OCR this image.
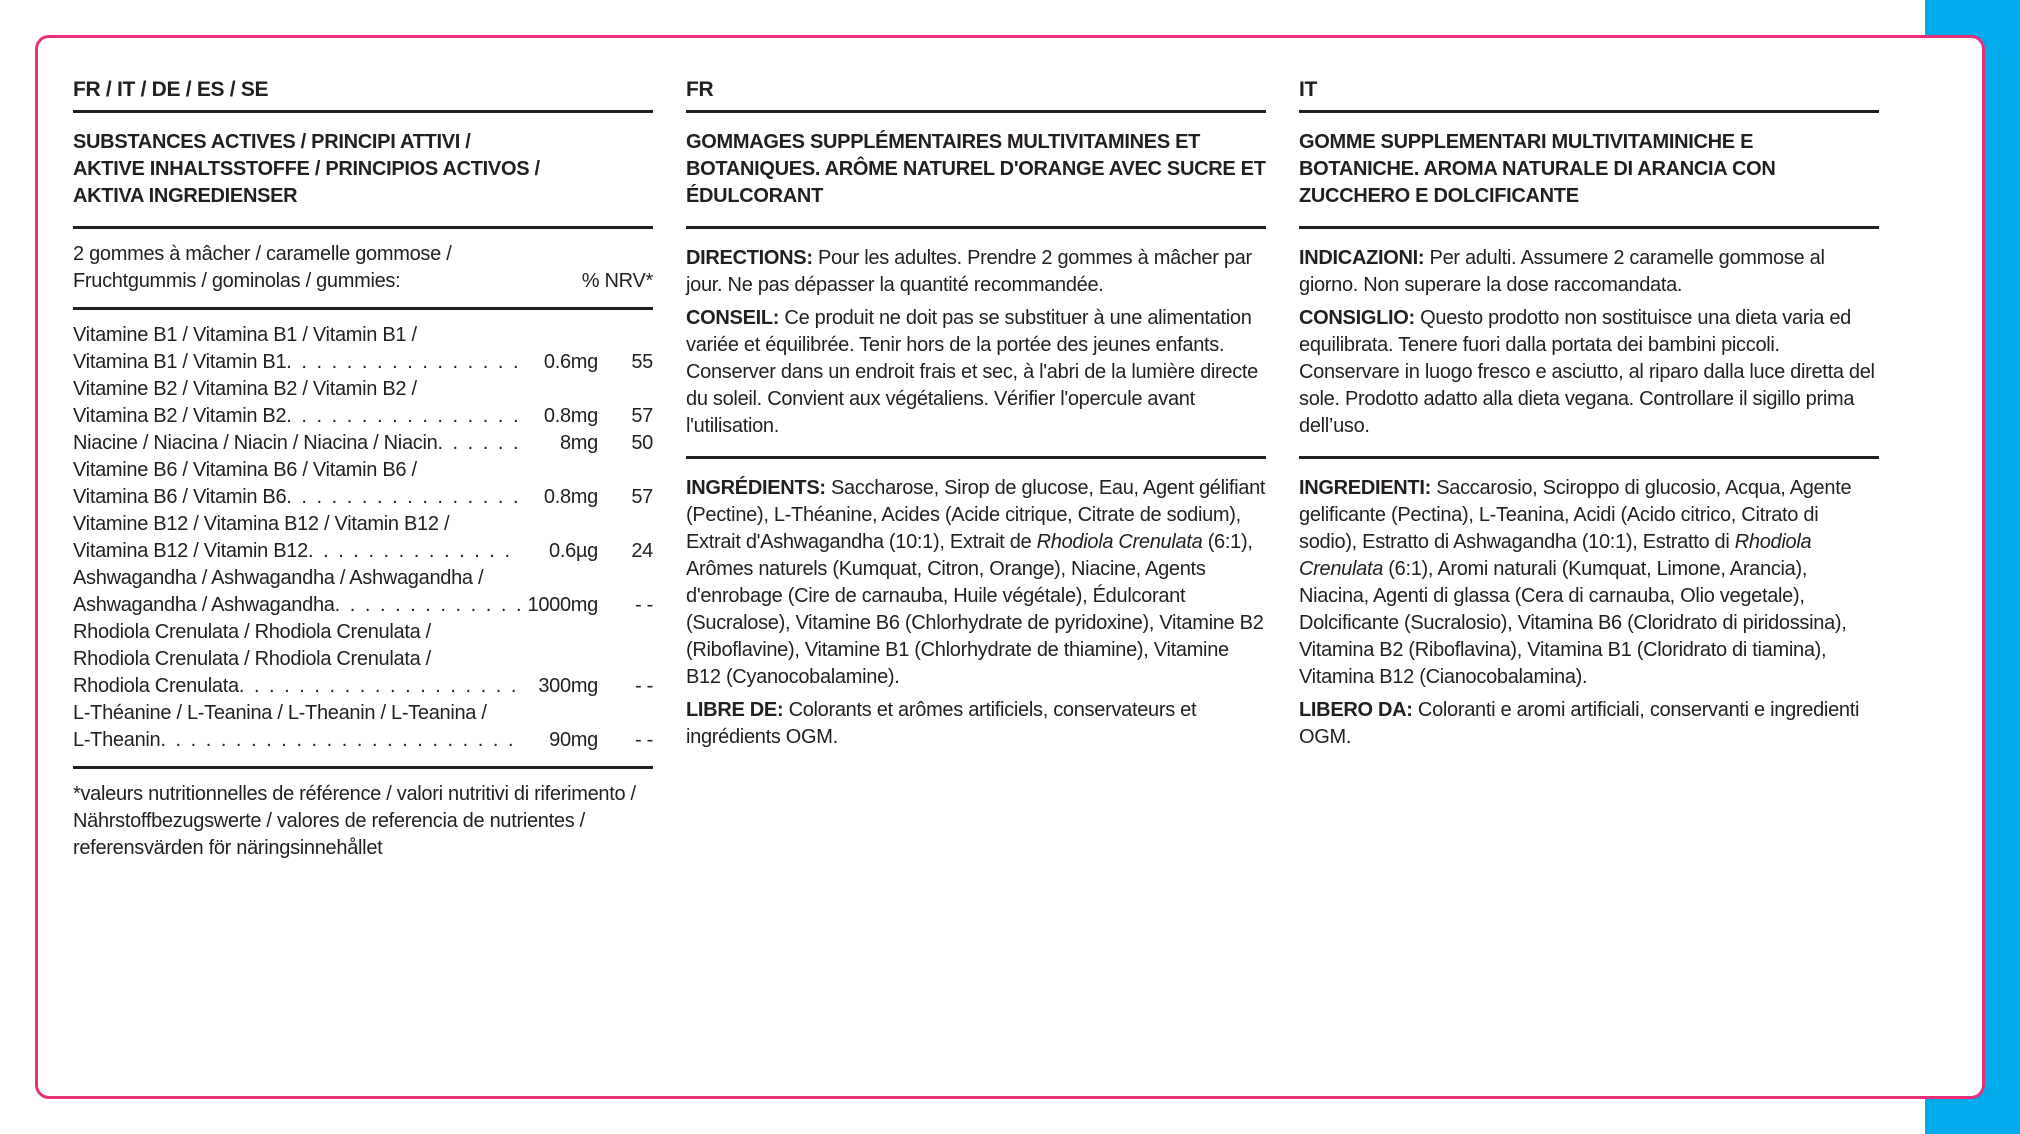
FR / IT / DE / ES / SE
SUBSTANCES ACTIVES / PRINCIPI ATTIVI /
AKTIVE INHALTSSTOFFE / PRINCIPIOS ACTIVOS /
AKTIVA INGREDIENSER
2 gommes à mâcher / caramelle gommose /
Fruchtgummis / gominolas / gummies:	% NRV*
Vitamine B1 / Vitamina B1 / Vitamin B1 /
Vitamina B1 / Vitamin B1 . . .	0.6mg	55
Vitamine B2 / Vitamina B2 / Vitamin B2 /
Vitamina B2 / Vitamin B2 . . .	0.8mg	57
Niacine / Niacina / Niacin / Niacina / Niacin . . .	8mg	50
Vitamine B6 / Vitamina B6 / Vitamin B6 /
Vitamina B6 / Vitamin B6 . . .	0.8mg	57
Vitamine B12 / Vitamina B12 / Vitamin B12 /
Vitamina B12 / Vitamin B12 . . .	0.6µg	24
Ashwagandha / Ashwagandha / Ashwagandha /
Ashwagandha / Ashwagandha . . .	1000mg	- -
Rhodiola Crenulata / Rhodiola Crenulata /
Rhodiola Crenulata / Rhodiola Crenulata /
Rhodiola Crenulata . . .	300mg	- -
L-Théanine / L-Teanina / L-Theanin / L-Teanina /
L-Theanin . . .	90mg	- -
*valeurs nutritionnelles de référence / valori nutritivi di riferimento / Nährstoffbezugswerte / valores de referencia de nutrientes / referensvärden för näringsinnehållet
FR
GOMMAGES SUPPLÉMENTAIRES MULTIVITAMINES ET
BOTANIQUES. ARÔME NATUREL D'ORANGE AVEC SUCRE ET
ÉDULCORANT
DIRECTIONS: Pour les adultes. Prendre 2 gommes à mâcher par jour. Ne pas dépasser la quantité recommandée.
CONSEIL: Ce produit ne doit pas se substituer à une alimentation variée et équilibrée. Tenir hors de la portée des jeunes enfants. Conserver dans un endroit frais et sec, à l'abri de la lumière directe du soleil. Convient aux végétaliens. Vérifier l'opercule avant l'utilisation.
INGRÉDIENTS: Saccharose, Sirop de glucose, Eau, Agent gélifiant (Pectine), L-Théanine, Acides (Acide citrique, Citrate de sodium), Extrait d'Ashwagandha (10:1), Extrait de Rhodiola Crenulata (6:1), Arômes naturels (Kumquat, Citron, Orange), Niacine, Agents d'enrobage (Cire de carnauba, Huile végétale), Édulcorant (Sucralose), Vitamine B6 (Chlorhydrate de pyridoxine), Vitamine B2 (Riboflavine), Vitamine B1 (Chlorhydrate de thiamine), Vitamine B12 (Cyanocobalamine).
LIBRE DE: Colorants et arômes artificiels, conservateurs et ingrédients OGM.
IT
GOMME SUPPLEMENTARI MULTIVITAMINICHE E
BOTANICHE. AROMA NATURALE DI ARANCIA CON
ZUCCHERO E DOLCIFICANTE
INDICAZIONI: Per adulti. Assumere 2 caramelle gommose al giorno. Non superare la dose raccomandata.
CONSIGLIO: Questo prodotto non sostituisce una dieta varia ed equilibrata. Tenere fuori dalla portata dei bambini piccoli. Conservare in luogo fresco e asciutto, al riparo dalla luce diretta del sole. Prodotto adatto alla dieta vegana. Controllare il sigillo prima dell’uso.
INGREDIENTI: Saccarosio, Sciroppo di glucosio, Acqua, Agente gelificante (Pectina), L-Teanina, Acidi (Acido citrico, Citrato di sodio), Estratto di Ashwagandha (10:1), Estratto di Rhodiola Crenulata (6:1), Aromi naturali (Kumquat, Limone, Arancia), Niacina, Agenti di glassa (Cera di carnauba, Olio vegetale), Dolcificante (Sucralosio), Vitamina B6 (Cloridrato di piridossina), Vitamina B2 (Riboflavina), Vitamina B1 (Cloridrato di tiamina), Vitamina B12 (Cianocobalamina).
LIBERO DA: Coloranti e aromi artificiali, conservanti e ingredienti OGM.
